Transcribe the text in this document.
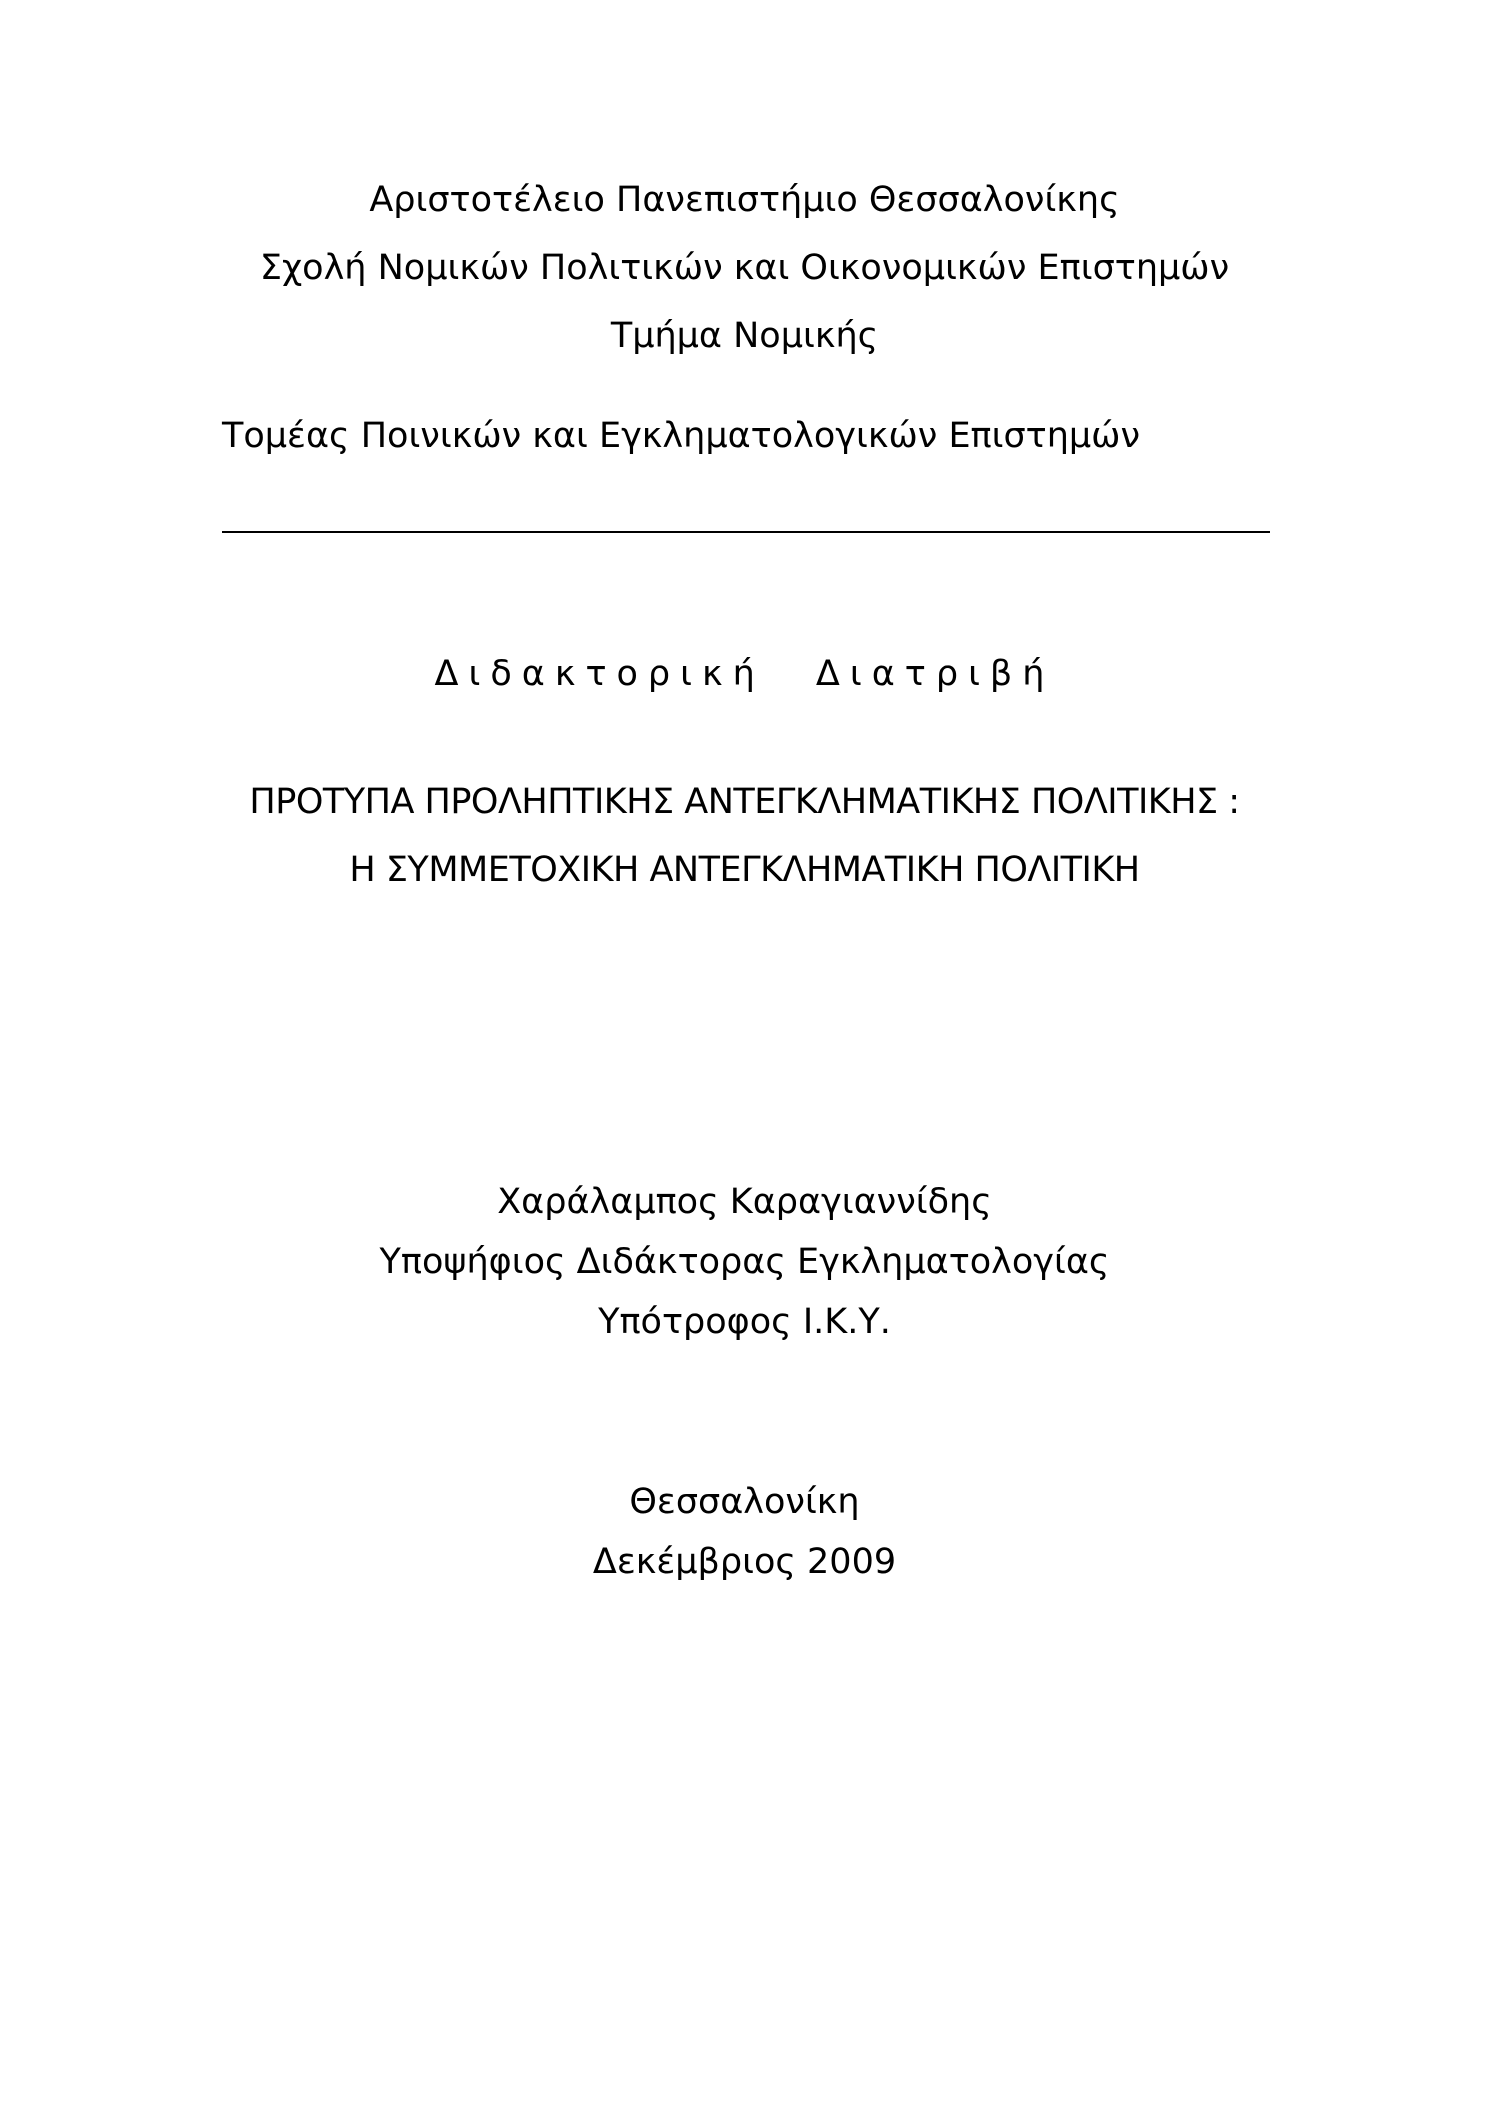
Αριστοτέλειο Πανεπιστήμιο Θεσσαλονίκης
Σχολή Νομικών Πολιτικών και Οικονομικών Επιστημών
Τμήμα Νομικής
Τομέας Ποινικών και Εγκληματολογικών Επιστημών
Διδακτορική Διατριβή
ΠΡΟΤΥΠΑ ΠΡΟΛΗΠΤΙΚΗΣ ΑΝΤΕΓΚΛΗΜΑΤΙΚΗΣ ΠΟΛΙΤΙΚΗΣ :
Η ΣΥΜΜΕΤΟΧΙΚΗ ΑΝΤΕΓΚΛΗΜΑΤΙΚΗ ΠΟΛΙΤΙΚΗ
Χαράλαμπος Καραγιαννίδης
Υποψήφιος Διδάκτορας Εγκληματολογίας
Υπότροφος Ι.Κ.Υ.
Θεσσαλονίκη
Δεκέμβριος 2009
